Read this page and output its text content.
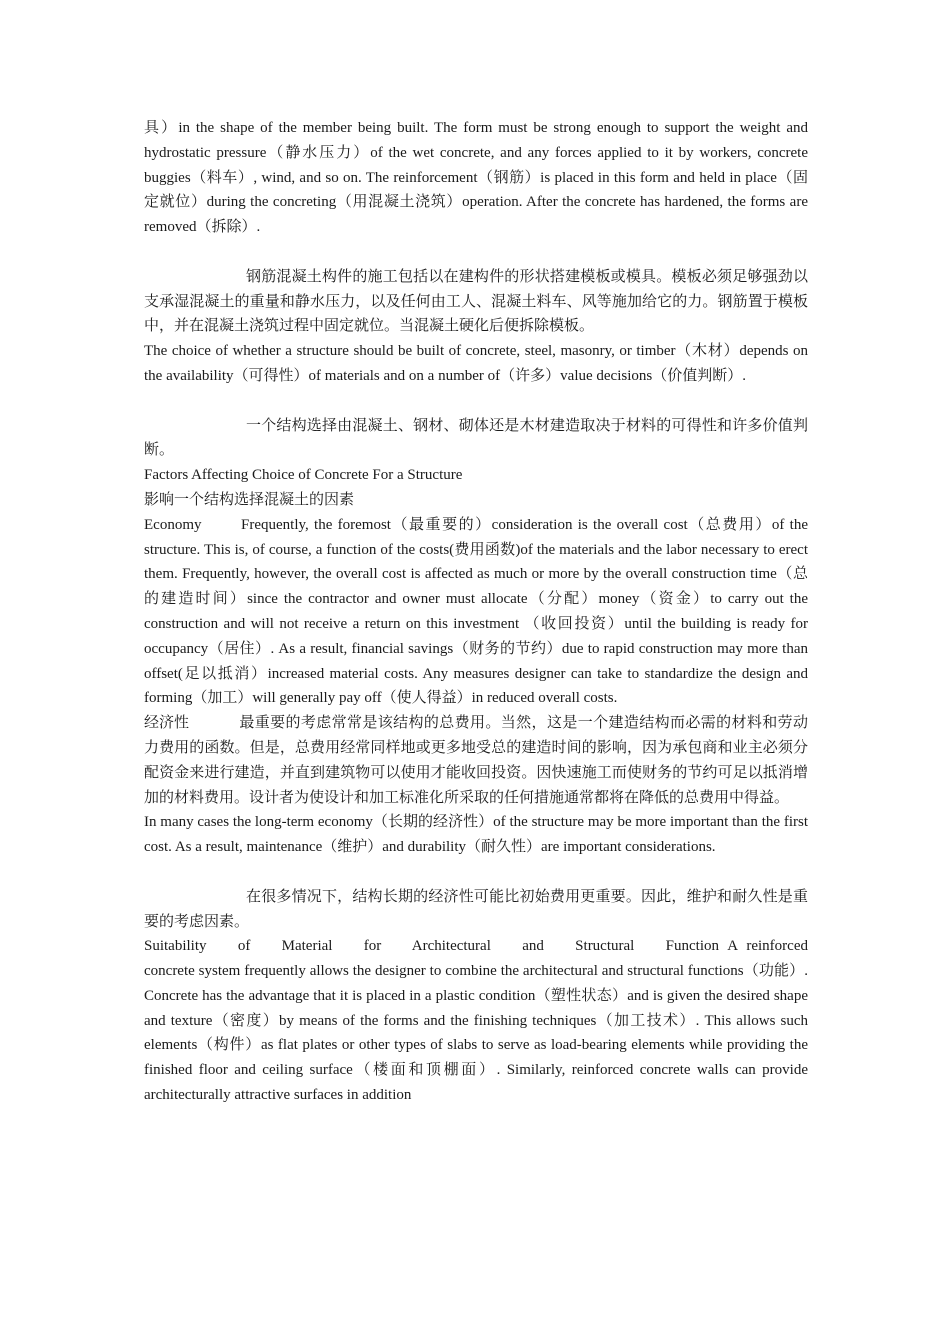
具）in the shape of the member being built. The form must be strong enough to support the weight and hydrostatic pressure（静水压力）of the wet concrete, and any forces applied to it by workers, concrete buggies（料车）, wind, and so on. The reinforcement（钢筋）is placed in this form and held in place（固定就位）during the concreting（用混凝土浇筑）operation. After the concrete has hardened, the forms are removed（拆除）.

钢筋混凝土构件的施工包括以在建构件的形状搭建模板或模具。模板必须足够强劲以支承湿混凝土的重量和静水压力，以及任何由工人、混凝土料车、风等施加给它的力。钢筋置于模板中，并在混凝土浇筑过程中固定就位。当混凝土硬化后便拆除模板。

The choice of whether a structure should be built of concrete, steel, masonry, or timber（木材）depends on the availability（可得性）of materials and on a number of（许多）value decisions（价值判断）.

一个结构选择由混凝土、钢材、砌体还是木材建造取决于材料的可得性和许多价值判断。

Factors Affecting Choice of Concrete For a Structure

影响一个结构选择混凝土的因素

Economy	Frequently, the foremost（最重要的）consideration is the overall cost（总费用）of the structure. This is, of course, a function of the costs(费用函数)of the materials and the labor necessary to erect them. Frequently, however, the overall cost is affected as much or more by the overall construction time（总的建造时间）since the contractor and owner must allocate（分配）money（资金）to carry out the construction and will not receive a return on this investment （收回投资）until the building is ready for occupancy（居住）. As a result, financial savings（财务的节约）due to rapid construction may more than offset(足以抵消）increased material costs. Any measures designer can take to standardize the design and forming（加工）will generally pay off（使人得益）in reduced overall costs.

经济性	最重要的考虑常常是该结构的总费用。当然，这是一个建造结构而必需的材料和劳动力费用的函数。但是，总费用经常同样地或更多地受总的建造时间的影响，因为承包商和业主必须分配资金来进行建造，并直到建筑物可以使用才能收回投资。因快速施工而使财务的节约可足以抵消增加的材料费用。设计者为使设计和加工标准化所采取的任何措施通常都将在降低的总费用中得益。

In many cases the long-term economy（长期的经济性）of the structure may be more important than the first cost. As a result, maintenance（维护）and durability（耐久性）are important considerations.

在很多情况下，结构长期的经济性可能比初始费用更重要。因此，维护和耐久性是重要的考虑因素。

Suitability of Material for Architectural and Structural Function A reinforced concrete system frequently allows the designer to combine the architectural and structural functions（功能）. Concrete has the advantage that it is placed in a plastic condition（塑性状态）and is given the desired shape and texture（密度）by means of the forms and the finishing techniques（加工技术）. This allows such elements（构件）as flat plates or other types of slabs to serve as load-bearing elements while providing the finished floor and ceiling surface（楼面和顶棚面）. Similarly, reinforced concrete walls can provide architecturally attractive surfaces in addition
